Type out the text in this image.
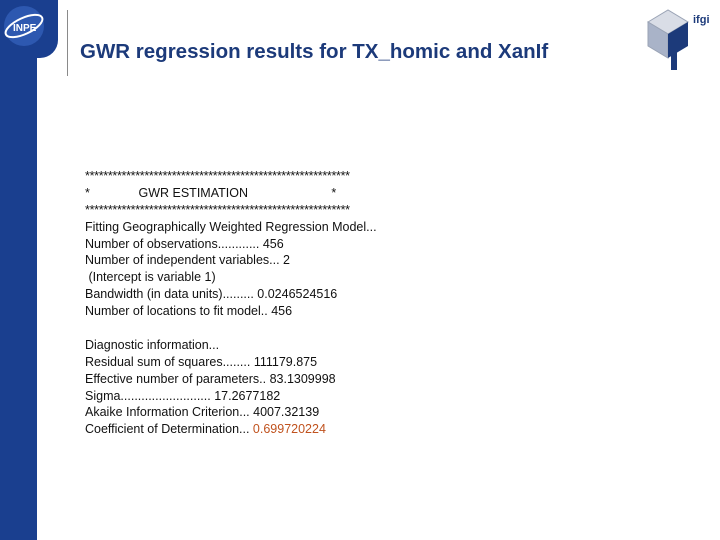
INPE
GWR regression results for TX_homic and XanIf
ifgi
**********************************************************
*              GWR ESTIMATION                        *
**********************************************************
Fitting Geographically Weighted Regression Model...
Number of observations............ 456
Number of independent variables... 2
(Intercept is variable 1)
Bandwidth (in data units)......... 0.0246524516
Number of locations to fit model.. 456
Diagnostic information...
Residual sum of squares........ 111179.875
Effective number of parameters.. 83.1309998
Sigma.......................... 17.2677182
Akaike Information Criterion... 4007.32139
Coefficient of Determination... 0.699720224
